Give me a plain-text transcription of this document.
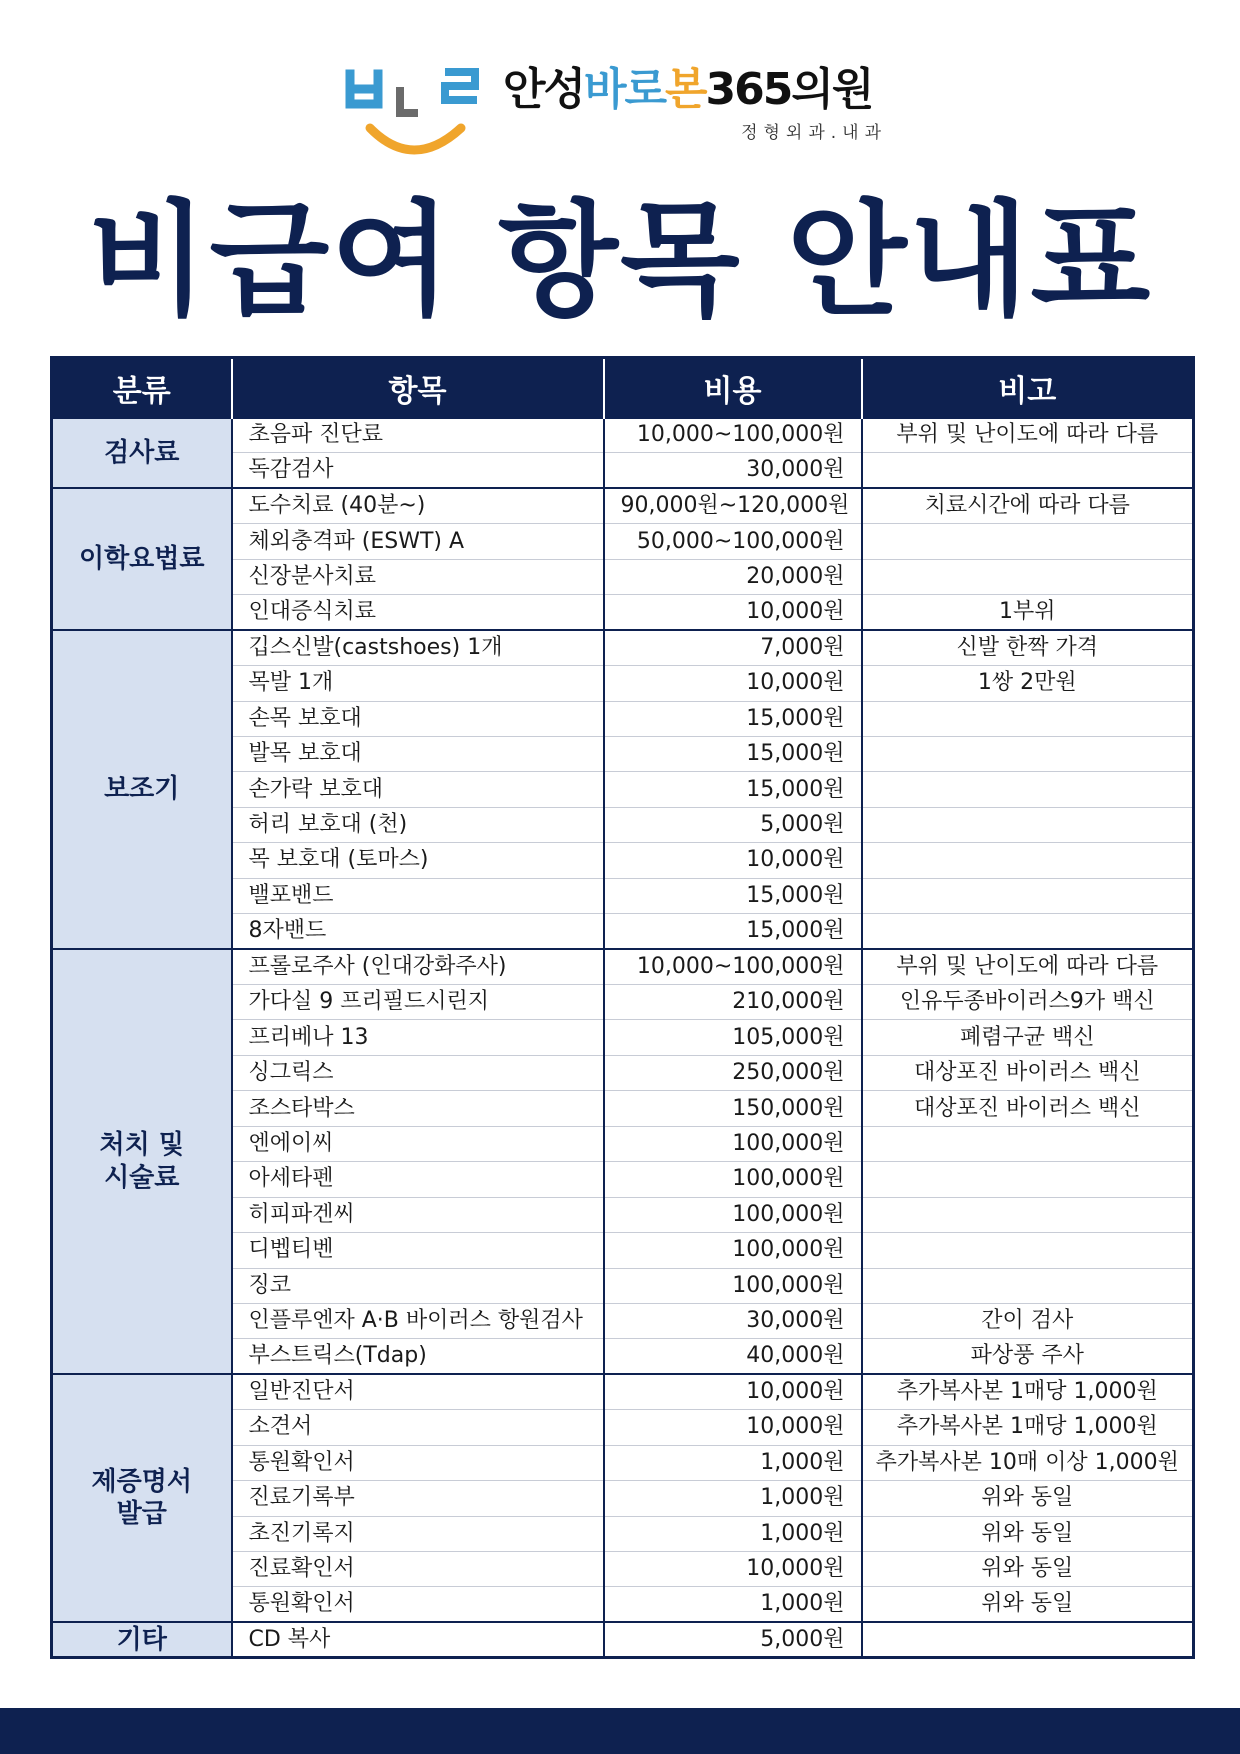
안성바로본365의원
정형외과.내과
비급여 항목 안내표
분류	항목	비용	비고

검사료	초음파 진단료	10,000~100,000원	부위 및 난이도에 따라 다름
	독감검사	30,000원	

이학요법료	도수치료 (40분~)	90,000원~120,000원	치료시간에 따라 다름
	체외충격파 (ESWT) A	50,000~100,000원	
	신장분사치료	20,000원	
	인대증식치료	10,000원	1부위

보조기	깁스신발(castshoes) 1개	7,000원	신발 한짝 가격
	목발 1개	10,000원	1쌍 2만원
	손목 보호대	15,000원	
	발목 보호대	15,000원	
	손가락 보호대	15,000원	
	허리 보호대 (천)	5,000원	
	목 보호대 (토마스)	10,000원	
	밸포밴드	15,000원	
	8자밴드	15,000원	

처치 및
시술료	프롤로주사 (인대강화주사)	10,000~100,000원	부위 및 난이도에 따라 다름
	가다실 9 프리필드시린지	210,000원	인유두종바이러스9가 백신
	프리베나 13	105,000원	폐렴구균 백신
	싱그릭스	250,000원	대상포진 바이러스 백신
	조스타박스	150,000원	대상포진 바이러스 백신
	엔에이씨	100,000원	
	아세타펜	100,000원	
	히피파겐씨	100,000원	
	디벱티벤	100,000원	
	징코	100,000원	
	인플루엔자 A·B 바이러스 항원검사	30,000원	간이 검사
	부스트릭스(Tdap)	40,000원	파상풍 주사

제증명서
발급	일반진단서	10,000원	추가복사본 1매당 1,000원
	소견서	10,000원	추가복사본 1매당 1,000원
	통원확인서	1,000원	추가복사본 10매 이상 1,000원
	진료기록부	1,000원	위와 동일
	초진기록지	1,000원	위와 동일
	진료확인서	10,000원	위와 동일
	통원확인서	1,000원	위와 동일

기타	CD 복사	5,000원	
